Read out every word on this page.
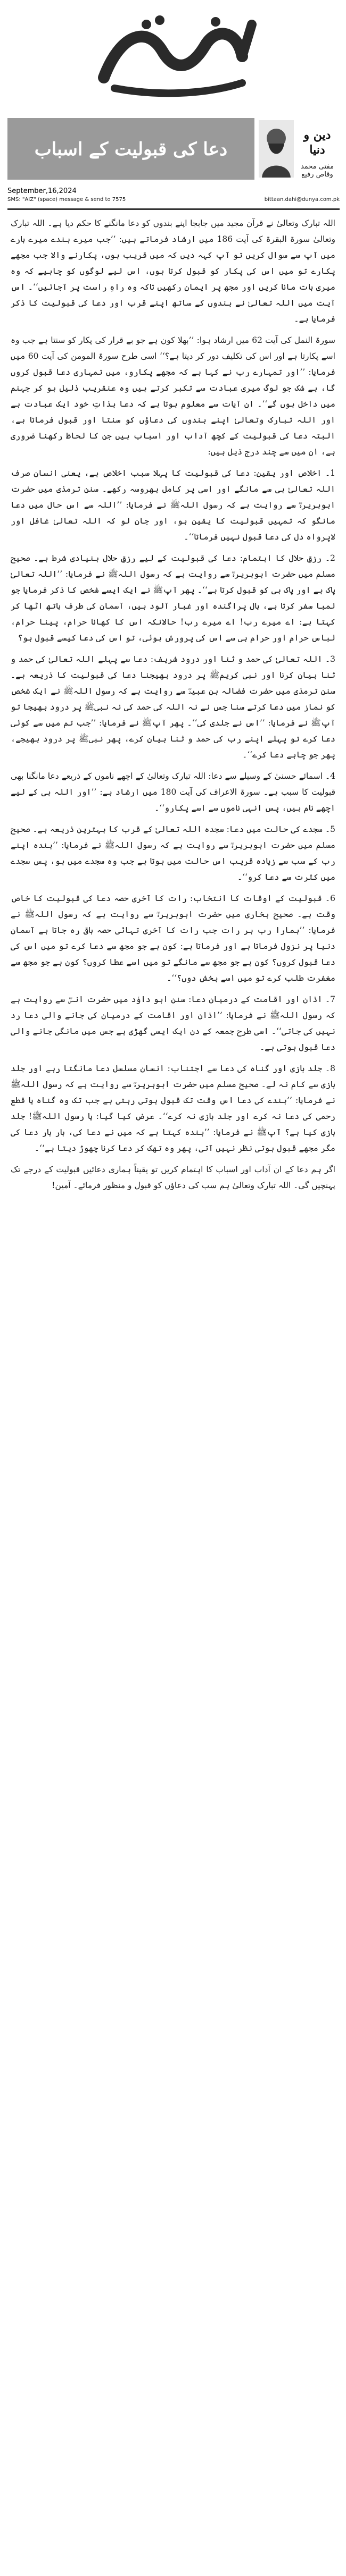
دعا کی قبولیت کے اسباب
دین و دنیا
مفتی محمد وقاص رفیع
September,16,2024
SMS: "AIZ" (space) message & send to 7575	bittaan.dahi@dunya.com.pk

اللہ تبارک وتعالیٰ نے قرآن مجید میں جابجا اپنے بندوں کو دعا مانگنے کا حکم دیا ہے۔ اللہ تبارک وتعالیٰ سورۃ البقرۃ کی آیت 186 میں ارشاد فرماتے ہیں: ’’جب میرے بندے میرے بارے میں آپ سے سوال کریں تو آپ کہہ دیں کہ میں قریب ہوں، پکارنے والا جب مجھے پکارے تو میں اس کی پکار کو قبول کرتا ہوں، اس لیے لوگوں کو چاہیے کہ وہ میری بات مانا کریں اور مجھ پر ایمان رکھیں تاکہ وہ راہِ راست پر آجائیں‘‘۔ اس آیت میں اللہ تعالیٰ نے بندوں کے ساتھ اپنے قرب اور دعا کی قبولیت کا ذکر فرمایا ہے۔

سورۃ النمل کی آیت 62 میں ارشاد ہوا: ’’بھلا کون ہے جو بے قرار کی پکار کو سنتا ہے جب وہ اسے پکارتا ہے اور اس کی تکلیف دور کر دیتا ہے؟‘‘ اسی طرح سورۃ المومن کی آیت 60 میں فرمایا: ’’اور تمہارے رب نے کہا ہے کہ مجھے پکارو، میں تمہاری دعا قبول کروں گا، بے شک جو لوگ میری عبادت سے تکبر کرتے ہیں وہ عنقریب ذلیل ہو کر جہنم میں داخل ہوں گے‘‘۔ ان آیات سے معلوم ہوتا ہے کہ دعا بذاتِ خود ایک عبادت ہے اور اللہ تبارک وتعالیٰ اپنے بندوں کی دعاؤں کو سنتا اور قبول فرماتا ہے، البتہ دعا کی قبولیت کے کچھ آداب اور اسباب ہیں جن کا لحاظ رکھنا ضروری ہے، ان میں سے چند درج ذیل ہیں:

1۔ اخلاص اور یقین: دعا کی قبولیت کا پہلا سبب اخلاص ہے، یعنی انسان صرف اللہ تعالیٰ ہی سے مانگے اور اسی پر کامل بھروسہ رکھے۔ سنن ترمذی میں حضرت ابوہریرہؓ سے روایت ہے کہ رسول اللہﷺ نے فرمایا: ’’اللہ سے اس حال میں دعا مانگو کہ تمہیں قبولیت کا یقین ہو، اور جان لو کہ اللہ تعالیٰ غافل اور لاپرواہ دل کی دعا قبول نہیں فرماتا‘‘۔

2۔ رزقِ حلال کا اہتمام: دعا کی قبولیت کے لیے رزقِ حلال بنیادی شرط ہے۔ صحیح مسلم میں حضرت ابوہریرہؓ سے روایت ہے کہ رسول اللہﷺ نے فرمایا: ’’اللہ تعالیٰ پاک ہے اور پاک ہی کو قبول کرتا ہے‘‘۔ پھر آپﷺ نے ایک ایسے شخص کا ذکر فرمایا جو لمبا سفر کرتا ہے، بال پراگندہ اور غبار آلود ہیں، آسمان کی طرف ہاتھ اٹھا کر کہتا ہے: اے میرے رب! اے میرے رب! حالانکہ اس کا کھانا حرام، پینا حرام، لباس حرام اور حرام ہی سے اس کی پرورش ہوئی، تو اس کی دعا کیسے قبول ہو؟

3۔ اللہ تعالیٰ کی حمد و ثنا اور درود شریف: دعا سے پہلے اللہ تعالیٰ کی حمد و ثنا بیان کرنا اور نبی کریمﷺ پر درود بھیجنا دعا کی قبولیت کا ذریعہ ہے۔ سنن ترمذی میں حضرت فضالہ بن عبیدؓ سے روایت ہے کہ رسول اللہﷺ نے ایک شخص کو نماز میں دعا کرتے سنا جس نے نہ اللہ کی حمد کی نہ نبیﷺ پر درود بھیجا تو آپﷺ نے فرمایا: ’’اس نے جلدی کی‘‘۔ پھر آپﷺ نے فرمایا: ’’جب تم میں سے کوئی دعا کرے تو پہلے اپنے رب کی حمد و ثنا بیان کرے، پھر نبیﷺ پر درود بھیجے، پھر جو چاہے دعا کرے‘‘۔

4۔ اسمائے حسنیٰ کے وسیلے سے دعا: اللہ تبارک وتعالیٰ کے اچھے ناموں کے ذریعے دعا مانگنا بھی قبولیت کا سبب ہے۔ سورۃ الاعراف کی آیت 180 میں ارشاد ہے: ’’اور اللہ ہی کے لیے اچھے نام ہیں، پس انہی ناموں سے اسے پکارو‘‘۔

5۔ سجدے کی حالت میں دعا: سجدہ اللہ تعالیٰ کے قرب کا بہترین ذریعہ ہے۔ صحیح مسلم میں حضرت ابوہریرہؓ سے روایت ہے کہ رسول اللہﷺ نے فرمایا: ’’بندہ اپنے رب کے سب سے زیادہ قریب اس حالت میں ہوتا ہے جب وہ سجدے میں ہو، پس سجدے میں کثرت سے دعا کرو‘‘۔

6۔ قبولیت کے اوقات کا انتخاب: رات کا آخری حصہ دعا کی قبولیت کا خاص وقت ہے۔ صحیح بخاری میں حضرت ابوہریرہؓ سے روایت ہے کہ رسول اللہﷺ نے فرمایا: ’’ہمارا رب ہر رات جب رات کا آخری تہائی حصہ باقی رہ جاتا ہے آسمانِ دنیا پر نزول فرماتا ہے اور فرماتا ہے: کون ہے جو مجھ سے دعا کرے تو میں اس کی دعا قبول کروں؟ کون ہے جو مجھ سے مانگے تو میں اسے عطا کروں؟ کون ہے جو مجھ سے مغفرت طلب کرے تو میں اسے بخش دوں؟‘‘۔

7۔ اذان اور اقامت کے درمیان دعا: سنن ابو داؤد میں حضرت انسؓ سے روایت ہے کہ رسول اللہﷺ نے فرمایا: ’’اذان اور اقامت کے درمیان کی جانے والی دعا رد نہیں کی جاتی‘‘۔ اسی طرح جمعہ کے دن ایک ایسی گھڑی ہے جس میں مانگی جانے والی دعا قبول ہوتی ہے۔

8۔ جلد بازی اور گناہ کی دعا سے اجتناب: انسان مسلسل دعا مانگتا رہے اور جلد بازی سے کام نہ لے۔ صحیح مسلم میں حضرت ابوہریرہؓ سے روایت ہے کہ رسول اللہﷺ نے فرمایا: ’’بندے کی دعا اس وقت تک قبول ہوتی رہتی ہے جب تک وہ گناہ یا قطع رحمی کی دعا نہ کرے اور جلد بازی نہ کرے‘‘۔ عرض کیا گیا: یا رسول اللہﷺ! جلد بازی کیا ہے؟ آپﷺ نے فرمایا: ’’بندہ کہتا ہے کہ میں نے دعا کی، بار بار دعا کی مگر مجھے قبول ہوتی نظر نہیں آتی، پھر وہ تھک کر دعا کرنا چھوڑ دیتا ہے‘‘۔

اگر ہم دعا کے ان آداب اور اسباب کا اہتمام کریں تو یقیناً ہماری دعائیں قبولیت کے درجے تک پہنچیں گی۔ اللہ تبارک وتعالیٰ ہم سب کی دعاؤں کو قبول و منظور فرمائے۔ آمین!
